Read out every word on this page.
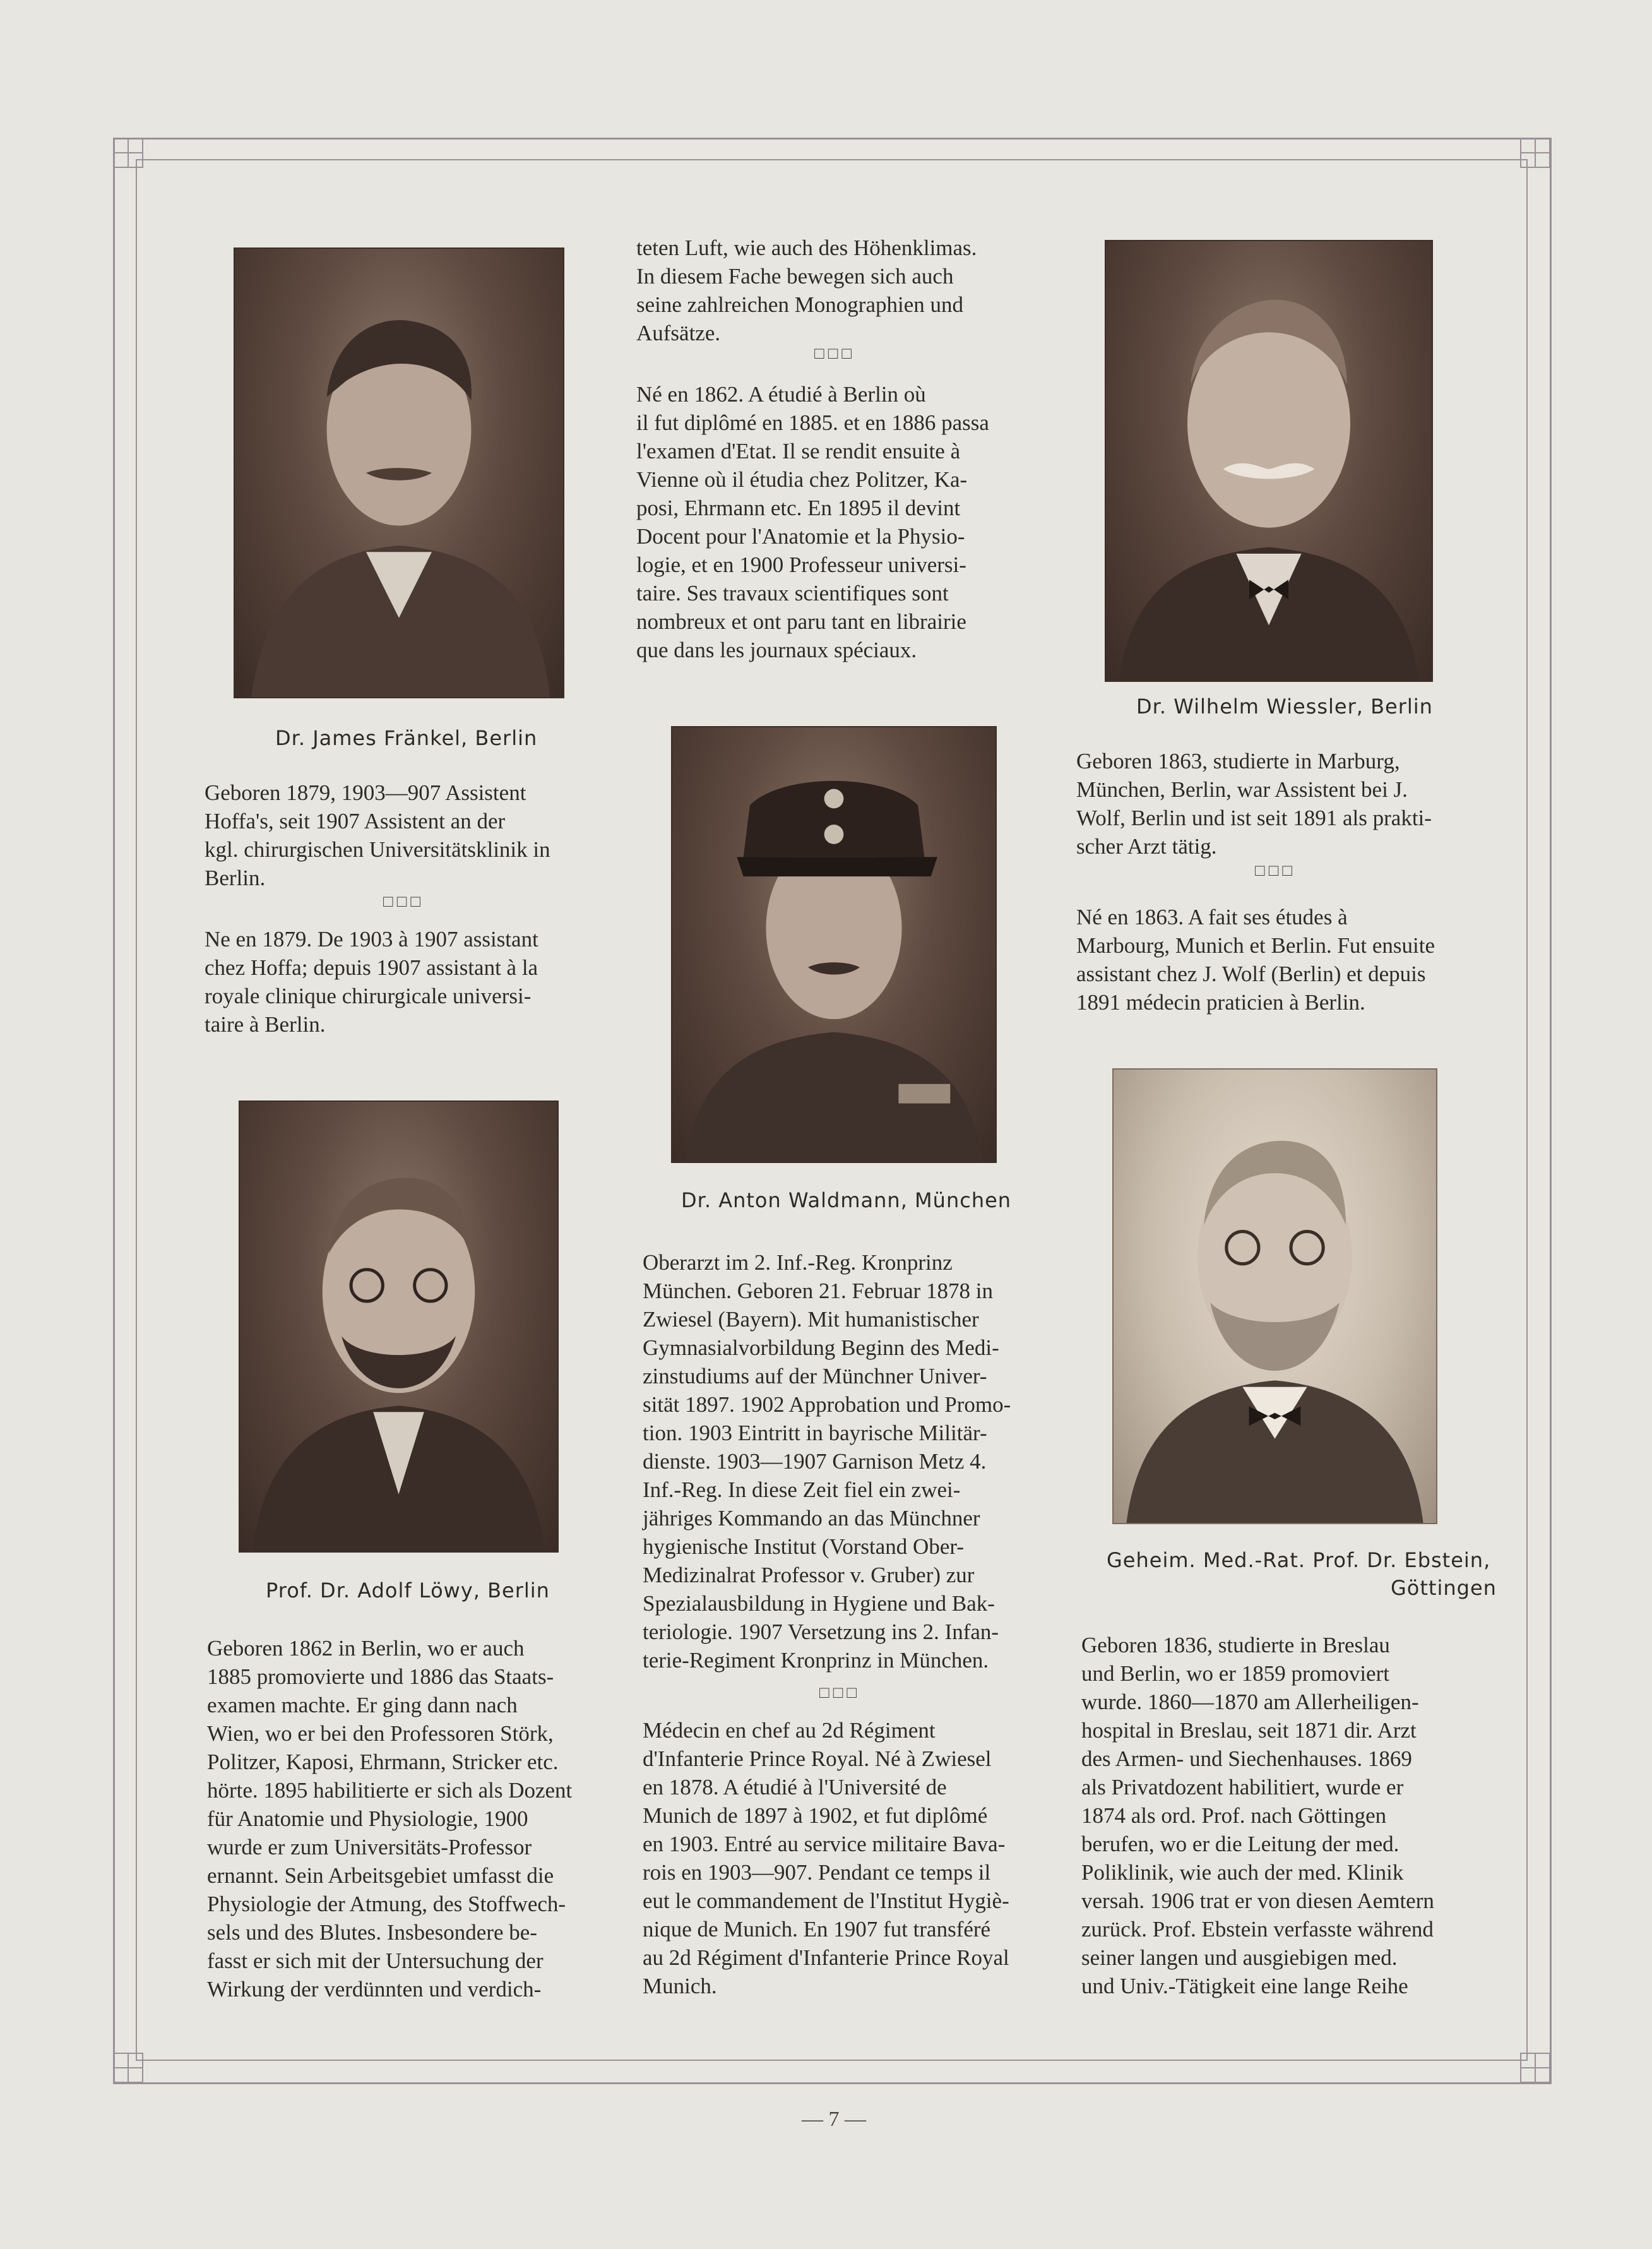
Dr. James Fränkel, Berlin
Geboren 1879, 1903—907 Assistent
Hoffa's, seit 1907 Assistent an der
kgl. chirurgischen Universitätsklinik in
Berlin.
□□□
Ne en 1879. De 1903 à 1907 assistant
chez Hoffa; depuis 1907 assistant à la
royale clinique chirurgicale universi-
taire à Berlin.
Prof. Dr. Adolf Löwy, Berlin
Geboren 1862 in Berlin, wo er auch
1885 promovierte und 1886 das Staats-
examen machte. Er ging dann nach
Wien, wo er bei den Professoren Störk,
Politzer, Kaposi, Ehrmann, Stricker etc.
hörte. 1895 habilitierte er sich als Dozent
für Anatomie und Physiologie, 1900
wurde er zum Universitäts-Professor
ernannt. Sein Arbeitsgebiet umfasst die
Physiologie der Atmung, des Stoffwech-
sels und des Blutes. Insbesondere be-
fasst er sich mit der Untersuchung der
Wirkung der verdünnten und verdich-
teten Luft, wie auch des Höhenklimas.
In diesem Fache bewegen sich auch
seine zahlreichen Monographien und
Aufsätze.
□□□
Né en 1862. A étudié à Berlin où
il fut diplômé en 1885. et en 1886 passa
l'examen d'Etat. Il se rendit ensuite à
Vienne où il étudia chez Politzer, Ka-
posi, Ehrmann etc. En 1895 il devint
Docent pour l'Anatomie et la Physio-
logie, et en 1900 Professeur universi-
taire. Ses travaux scientifiques sont
nombreux et ont paru tant en librairie
que dans les journaux spéciaux.
Dr. Anton Waldmann, München
Oberarzt im 2. Inf.-Reg. Kronprinz
München. Geboren 21. Februar 1878 in
Zwiesel (Bayern). Mit humanistischer
Gymnasialvorbildung Beginn des Medi-
zinstudiums auf der Münchner Univer-
sität 1897. 1902 Approbation und Promo-
tion. 1903 Eintritt in bayrische Militär-
dienste. 1903—1907 Garnison Metz 4.
Inf.-Reg. In diese Zeit fiel ein zwei-
jähriges Kommando an das Münchner
hygienische Institut (Vorstand Ober-
Medizinalrat Professor v. Gruber) zur
Spezialausbildung in Hygiene und Bak-
teriologie. 1907 Versetzung ins 2. Infan-
terie-Regiment Kronprinz in München.
□□□
Médecin en chef au 2d Régiment
d'Infanterie Prince Royal. Né à Zwiesel
en 1878. A étudié à l'Université de
Munich de 1897 à 1902, et fut diplômé
en 1903. Entré au service militaire Bava-
rois en 1903—907. Pendant ce temps il
eut le commandement de l'Institut Hygiè-
nique de Munich. En 1907 fut transféré
au 2d Régiment d'Infanterie Prince Royal
Munich.
Dr. Wilhelm Wiessler, Berlin
Geboren 1863, studierte in Marburg,
München, Berlin, war Assistent bei J.
Wolf, Berlin und ist seit 1891 als prakti-
scher Arzt tätig.
□□□
Né en 1863. A fait ses études à
Marbourg, Munich et Berlin. Fut ensuite
assistant chez J. Wolf (Berlin) et depuis
1891 médecin praticien à Berlin.
Geheim. Med.-Rat. Prof. Dr. Ebstein,
Göttingen
Geboren 1836, studierte in Breslau
und Berlin, wo er 1859 promoviert
wurde. 1860—1870 am Allerheiligen-
hospital in Breslau, seit 1871 dir. Arzt
des Armen- und Siechenhauses. 1869
als Privatdozent habilitiert, wurde er
1874 als ord. Prof. nach Göttingen
berufen, wo er die Leitung der med.
Poliklinik, wie auch der med. Klinik
versah. 1906 trat er von diesen Aemtern
zurück. Prof. Ebstein verfasste während
seiner langen und ausgiebigen med.
und Univ.-Tätigkeit eine lange Reihe
— 7 —
